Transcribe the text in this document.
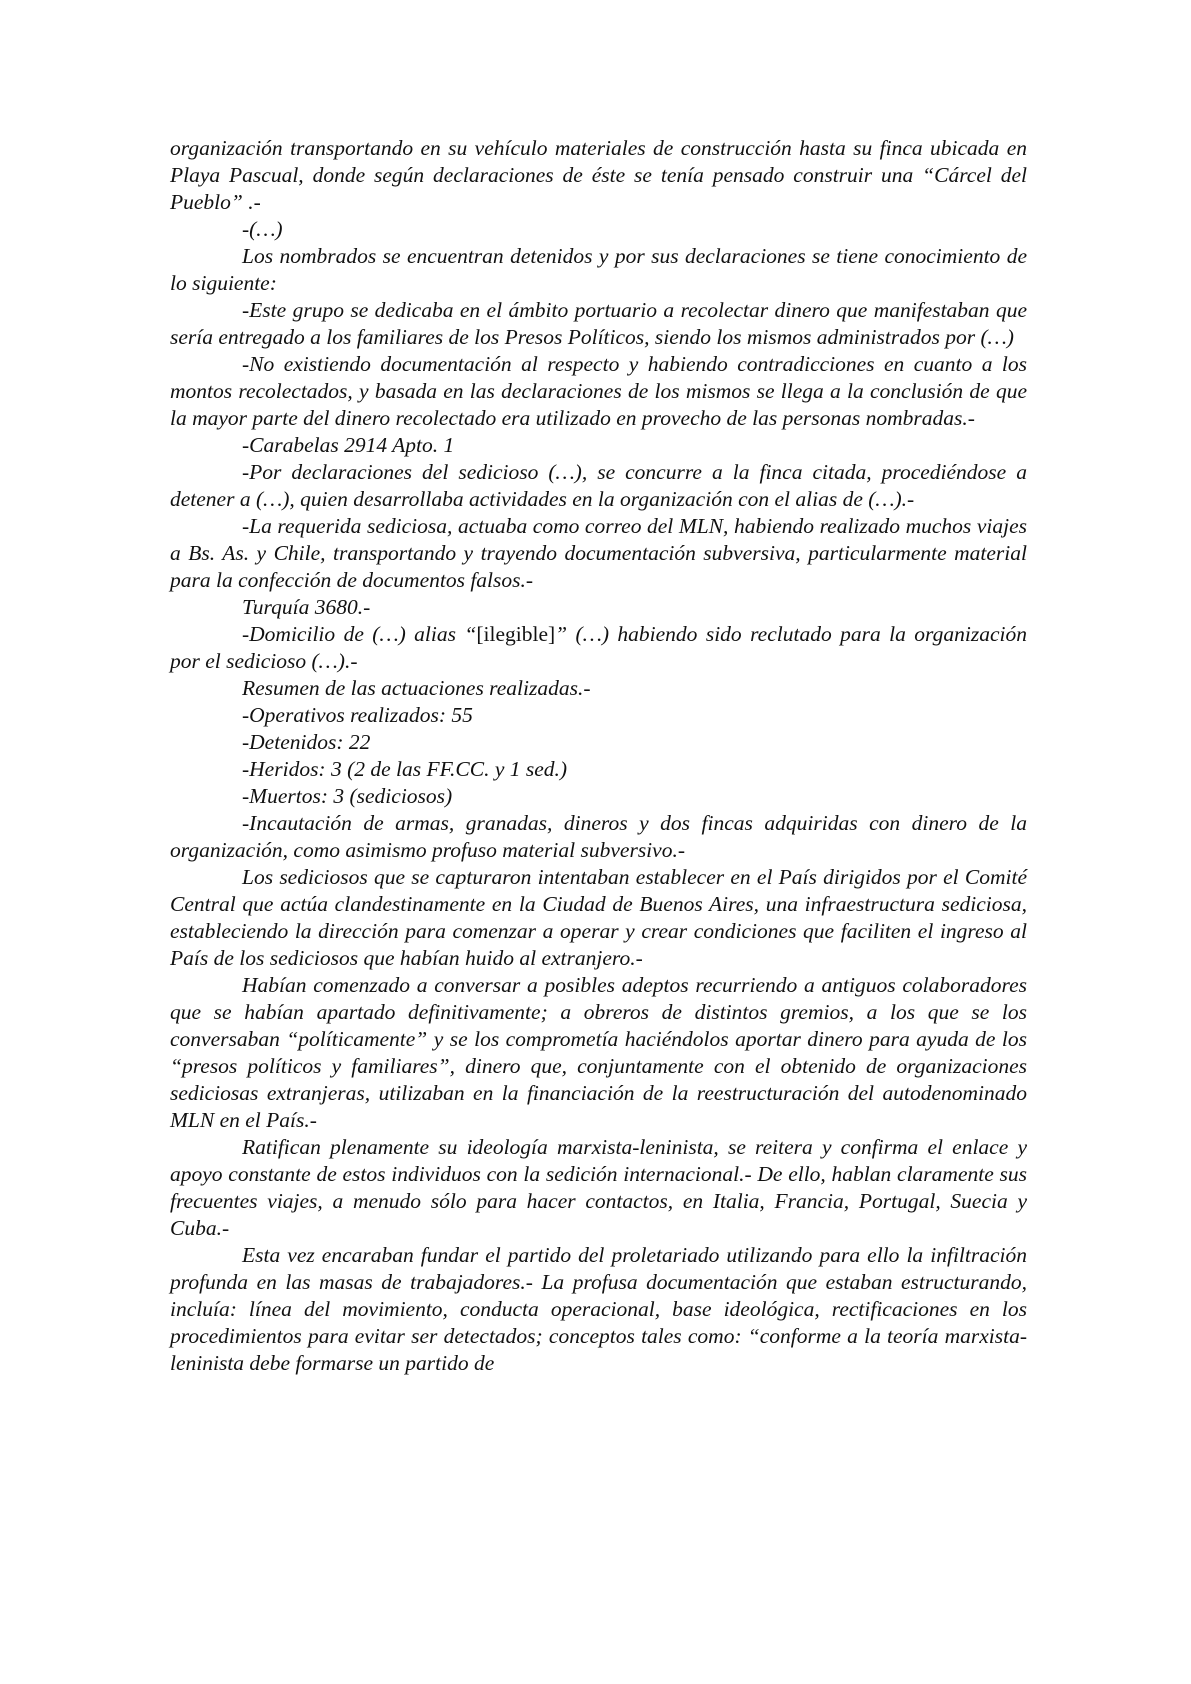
organización transportando en su vehículo materiales de construcción hasta su finca ubicada en Playa Pascual, donde según declaraciones de éste se tenía pensado construir una “Cárcel del Pueblo” .-

-(…)

Los nombrados se encuentran detenidos y por sus declaraciones se tiene conocimiento de lo siguiente:

-Este grupo se dedicaba en el ámbito portuario a recolectar dinero que manifestaban que sería entregado a los familiares de los Presos Políticos, siendo los mismos administrados por (…)

-No existiendo documentación al respecto y habiendo contradicciones en cuanto a los montos recolectados, y basada en las declaraciones de los mismos se llega a la conclusión de que la mayor parte del dinero recolectado era utilizado en provecho de las personas nombradas.-

-Carabelas 2914 Apto. 1

-Por declaraciones del sedicioso (…), se concurre a la finca citada, procediéndose a detener a (…), quien desarrollaba actividades en la organización con el alias de (…).-

-La requerida sediciosa, actuaba como correo del MLN, habiendo realizado muchos viajes a Bs. As. y Chile, transportando y trayendo documentación subversiva, particularmente material para la confección de documentos falsos.-

Turquía 3680.-

-Domicilio de (…) alias “[ilegible]” (…) habiendo sido reclutado para la organización por el sedicioso (…).-

Resumen de las actuaciones realizadas.-

-Operativos realizados: 55

-Detenidos: 22

-Heridos: 3 (2 de las FF.CC. y 1 sed.)

-Muertos: 3 (sediciosos)

-Incautación de armas, granadas, dineros y dos fincas adquiridas con dinero de la organización, como asimismo profuso material subversivo.-

Los sediciosos que se capturaron intentaban establecer en el País dirigidos por el Comité Central que actúa clandestinamente en la Ciudad de Buenos Aires, una infraestructura sediciosa, estableciendo la dirección para comenzar a operar y crear condiciones que faciliten el ingreso al País de los sediciosos que habían huido al extranjero.-

Habían comenzado a conversar a posibles adeptos recurriendo a antiguos colaboradores que se habían apartado definitivamente; a obreros de distintos gremios, a los que se los conversaban “políticamente” y se los comprometía haciéndolos aportar dinero para ayuda de los “presos políticos y familiares”, dinero que, conjuntamente con el obtenido de organizaciones sediciosas extranjeras, utilizaban en la financiación de la reestructuración del autodenominado MLN en el País.-

Ratifican plenamente su ideología marxista-leninista, se reitera y confirma el enlace y apoyo constante de estos individuos con la sedición internacional.- De ello, hablan claramente sus frecuentes viajes, a menudo sólo para hacer contactos, en Italia, Francia, Portugal, Suecia y Cuba.-

Esta vez encaraban fundar el partido del proletariado utilizando para ello la infiltración profunda en las masas de trabajadores.- La profusa documentación que estaban estructurando, incluía: línea del movimiento, conducta operacional, base ideológica, rectificaciones en los procedimientos para evitar ser detectados; conceptos tales como: “conforme a la teoría marxista-leninista debe formarse un partido de
